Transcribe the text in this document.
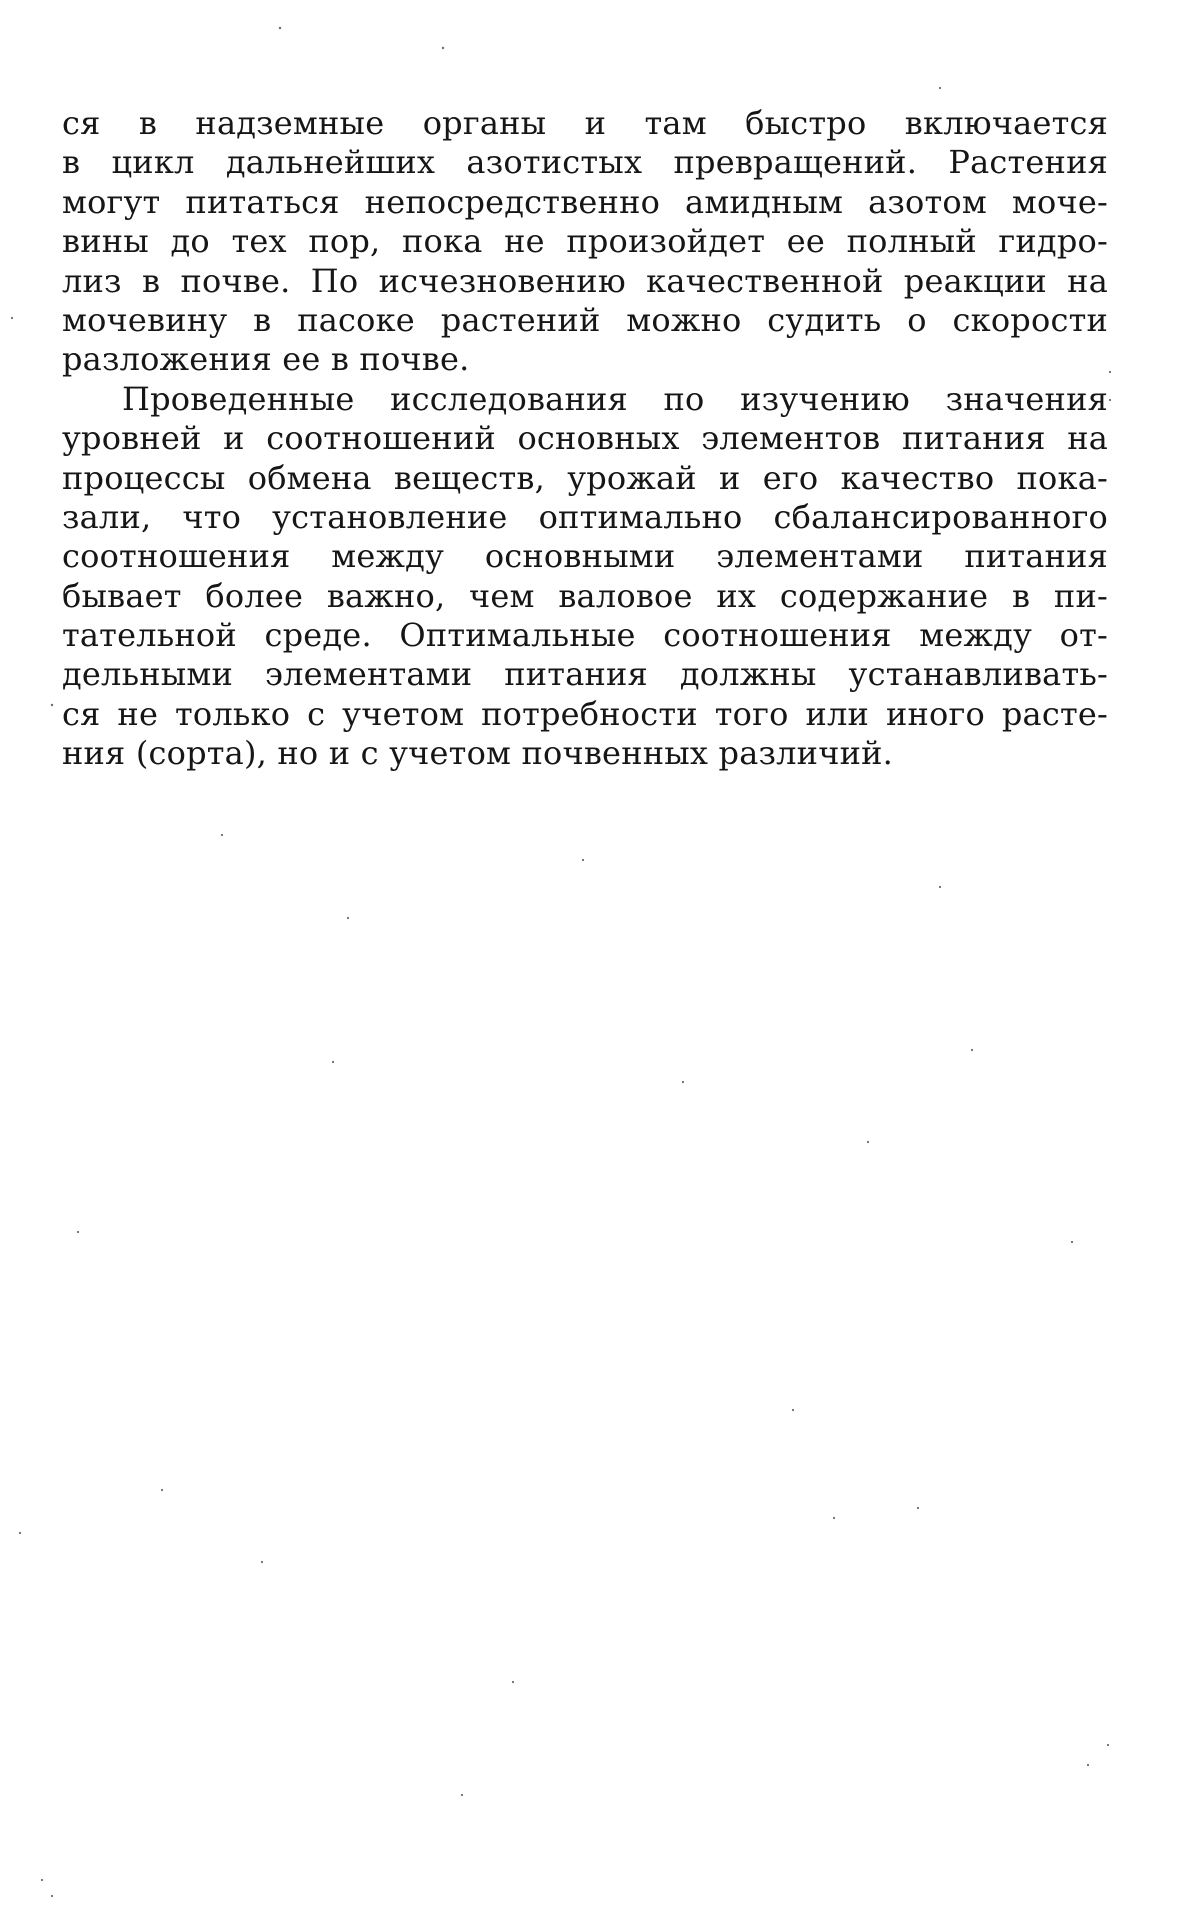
ся в надземные органы и там быстро включается
в цикл дальнейших азотистых превращений. Растения
могут питаться непосредственно амидным азотом моче-
вины до тех пор, пока не произойдет ее полный гидро-
лиз в почве. По исчезновению качественной реакции на
мочевину в пасоке растений можно судить о скорости
разложения ее в почве.
Проведенные исследования по изучению значения
уровней и соотношений основных элементов питания на
процессы обмена веществ, урожай и его качество пока-
зали, что установление оптимально сбалансированного
соотношения между основными элементами питания
бывает более важно, чем валовое их содержание в пи-
тательной среде. Оптимальные соотношения между от-
дельными элементами питания должны устанавливать-
ся не только с учетом потребности того или иного расте-
ния (сорта), но и с учетом почвенных различий.
